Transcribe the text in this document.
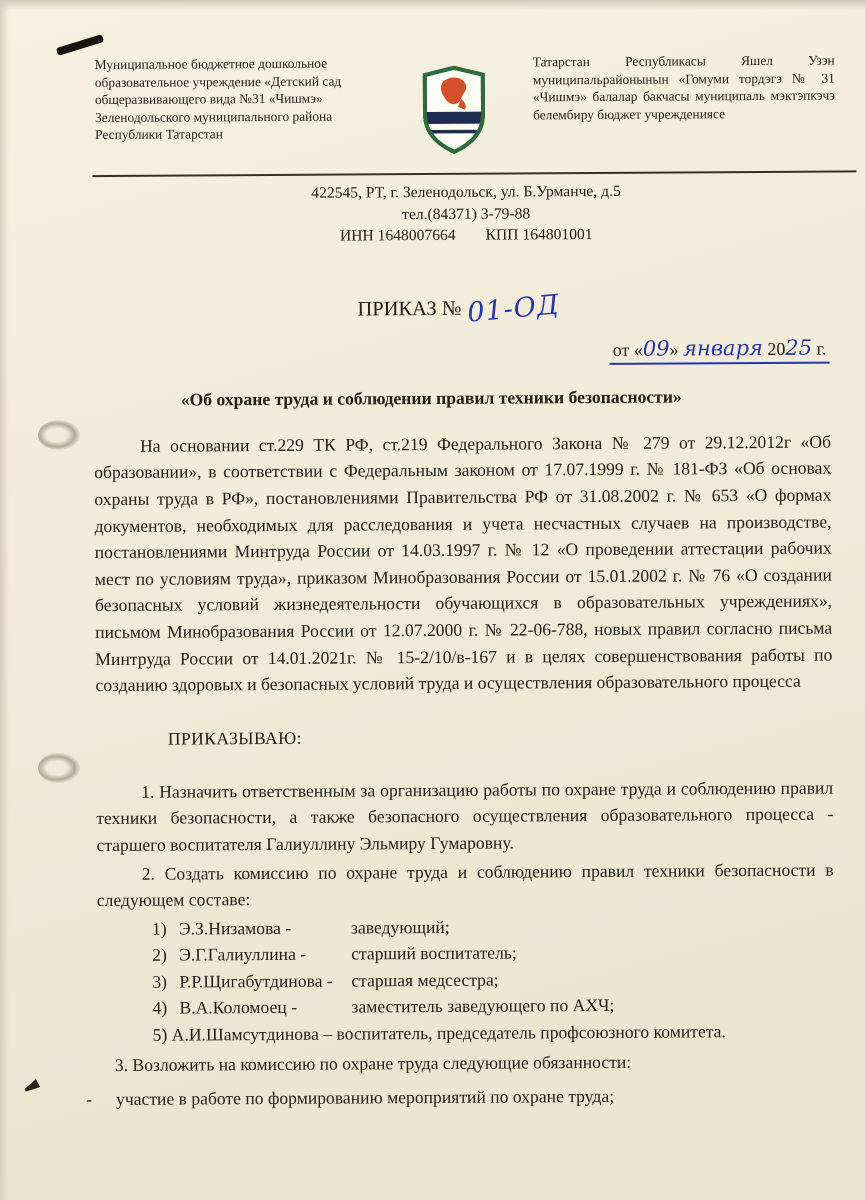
Муниципальное бюджетное дошкольное образовательное учреждение «Детский сад общеразвивающего вида №31 «Чишмэ» Зеленодольского муниципального района Республики Татарстан
Татарстан Республикасы Яшел Узэн муниципальрайонынын «Гомуми тордэгэ № 31 «Чишмэ» балалар бакчасы муниципаль мэктэпкэчэ белембиру бюджет учреждениясе
422545, РТ, г. Зеленодольск, ул. Б.Урманче, д.5
тел.(84371) 3-79-88
ИНН 1648007664 КПП 164801001
ПРИКАЗ № 01-ОД
от «09» января 2025 г.
«Об охране труда и соблюдении правил техники безопасности»

На основании ст.229 ТК РФ, ст.219 Федерального Закона № 279 от 29.12.2012г «Об образовании», в соответствии с Федеральным законом от 17.07.1999 г. № 181-ФЗ «Об основах охраны труда в РФ», постановлениями Правительства РФ от 31.08.2002 г. № 653 «О формах документов, необходимых для расследования и учета несчастных случаев на производстве, постановлениями Минтруда России от 14.03.1997 г. № 12 «О проведении аттестации рабочих мест по условиям труда», приказом Минобразования России от 15.01.2002 г. № 76 «О создании безопасных условий жизнедеятельности обучающихся в образовательных учреждениях», письмом Минобразования России от 12.07.2000 г. № 22-06-788, новых правил согласно письма Минтруда России от 14.01.2021г. № 15-2/10/в-167 и в целях совершенствования работы по созданию здоровых и безопасных условий труда и осуществления образовательного процесса

ПРИКАЗЫВАЮ:

1. Назначить ответственным за организацию работы по охране труда и соблюдению правил техники безопасности, а также безопасного осуществления образовательного процесса - старшего воспитателя Галиуллину Эльмиру Гумаровну.

2. Создать комиссию по охране труда и соблюдению правил техники безопасности в следующем составе:

1) Э.З.Низамова -	заведующий;
2) Э.Г.Галиуллина -	старший воспитатель;
3) Р.Р.Щигабутдинова -	старшая медсестра;
4) В.А.Коломоец -	заместитель заведующего по АХЧ;
5) А.И.Шамсутдинова – воспитатель, председатель профсоюзного комитета.
3. Возложить на комиссию по охране труда следующие обязанности:
-	участие в работе по формированию мероприятий по охране труда;
